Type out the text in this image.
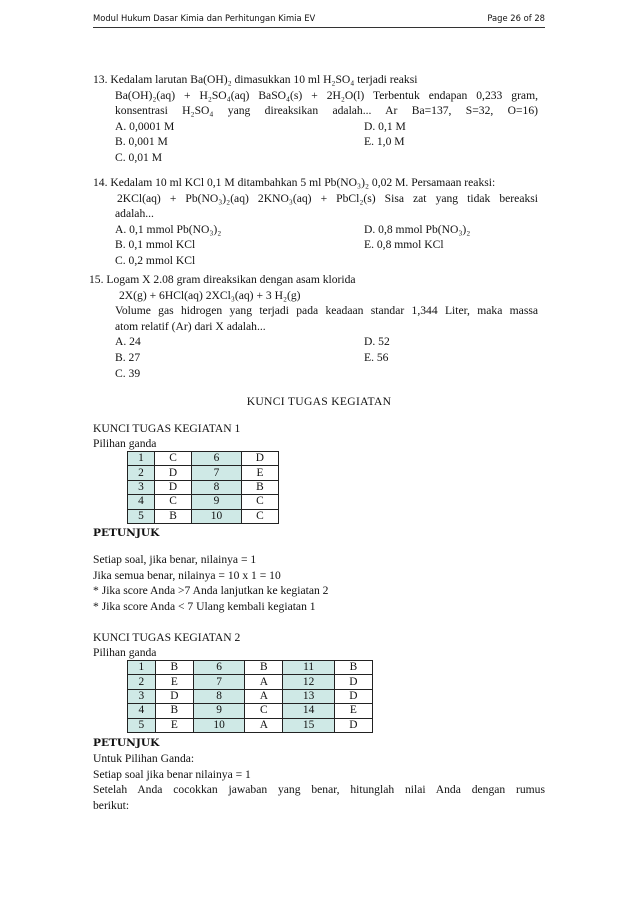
Modul Hukum Dasar Kimia dan Perhitungan Kimia EV	Page 26 of 28
13. Kedalam larutan Ba(OH)₂ dimasukkan 10 ml H₂SO₄ terjadi reaksi
Ba(OH)₂(aq) + H₂SO₄(aq) BaSO₄(s) + 2H₂O(l) Terbentuk endapan 0,233 gram,
konsentrasi H₂SO₄ yang direaksikan adalah... Ar Ba=137, S=32, O=16)
A. 0,0001 M	D. 0,1 M
B. 0,001 M	E. 1,0 M
C. 0,01 M
14. Kedalam 10 ml KCl 0,1 M ditambahkan 5 ml Pb(NO₃)₂ 0,02 M. Persamaan reaksi:
2KCl(aq) + Pb(NO₃)₂(aq) 2KNO₃(aq) + PbCl₂(s) Sisa zat yang tidak bereaksi
adalah...
A. 0,1 mmol Pb(NO₃)₂	D. 0,8 mmol Pb(NO₃)₂
B. 0,1 mmol KCl	E. 0,8 mmol KCl
C. 0,2 mmol KCl
15. Logam X 2.08 gram direaksikan dengan asam klorida
2X(g) + 6HCl(aq) 2XCl₃(aq) + 3 H₂(g)
Volume gas hidrogen yang terjadi pada keadaan standar 1,344 Liter, maka massa
atom relatif (Ar) dari X adalah...
A. 24	D. 52
B. 27	E. 56
C. 39
KUNCI TUGAS KEGIATAN
KUNCI TUGAS KEGIATAN 1
Pilihan ganda
1	C	6	D
2	D	7	E
3	D	8	B
4	C	9	C
5	B	10	C
PETUNJUK
Setiap soal, jika benar, nilainya = 1
Jika semua benar, nilainya = 10 x 1 = 10
* Jika score Anda >7 Anda lanjutkan ke kegiatan 2
* Jika score Anda < 7 Ulang kembali kegiatan 1
KUNCI TUGAS KEGIATAN 2
Pilihan ganda
1	B	6	B	11	B
2	E	7	A	12	D
3	D	8	A	13	D
4	B	9	C	14	E
5	E	10	A	15	D
PETUNJUK
Untuk Pilihan Ganda:
Setiap soal jika benar nilainya = 1
Setelah Anda cocokkan jawaban yang benar, hitunglah nilai Anda dengan rumus
berikut:
